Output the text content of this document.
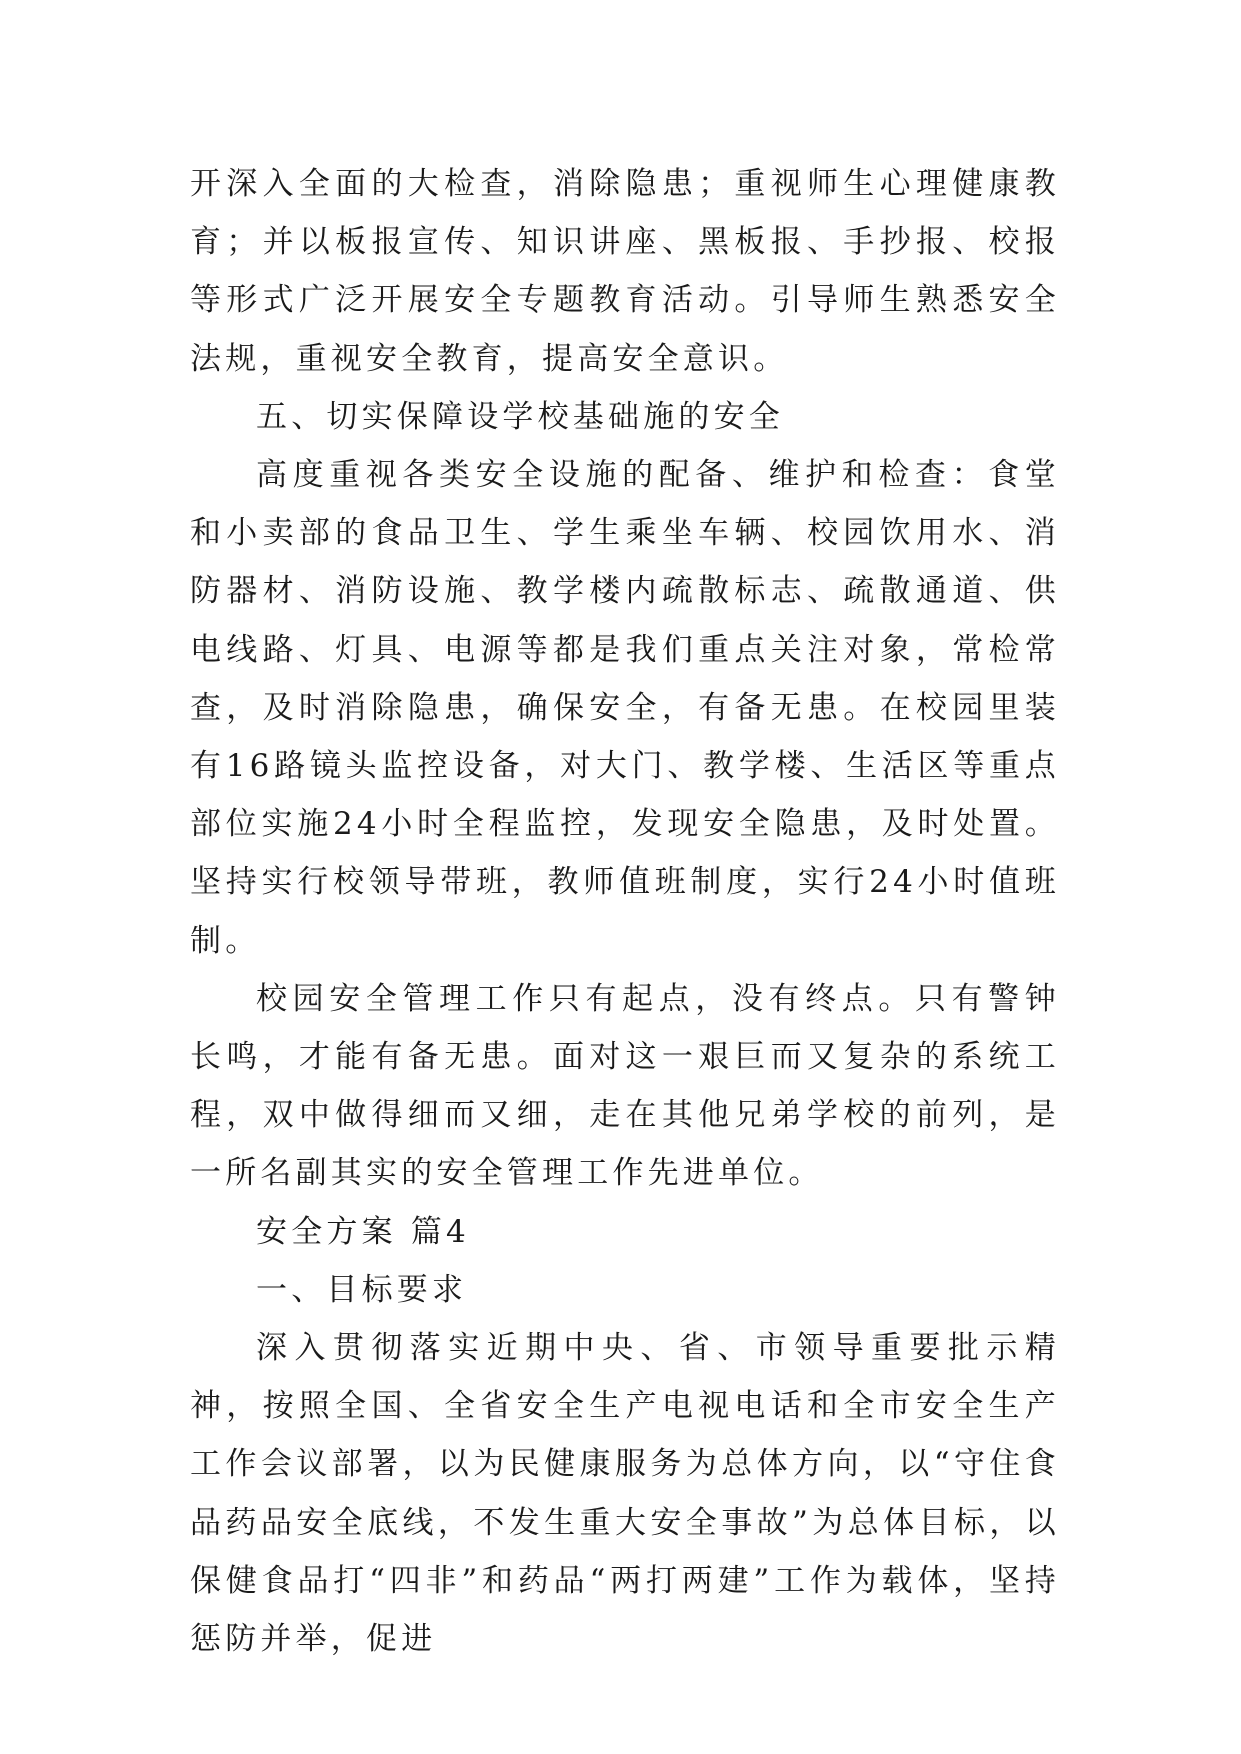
开深入全面的大检查，消除隐患；重视师生心理健康教育；并以板报宣传、知识讲座、黑板报、手抄报、校报等形式广泛开展安全专题教育活动。引导师生熟悉安全法规，重视安全教育，提高安全意识。

五、切实保障设学校基础施的安全

高度重视各类安全设施的配备、维护和检查：食堂和小卖部的食品卫生、学生乘坐车辆、校园饮用水、消防器材、消防设施、教学楼内疏散标志、疏散通道、供电线路、灯具、电源等都是我们重点关注对象，常检常查，及时消除隐患，确保安全，有备无患。在校园里装有16路镜头监控设备，对大门、教学楼、生活区等重点部位实施24小时全程监控，发现安全隐患，及时处置。坚持实行校领导带班，教师值班制度，实行24小时值班制。

校园安全管理工作只有起点，没有终点。只有警钟长鸣，才能有备无患。面对这一艰巨而又复杂的系统工程，双中做得细而又细，走在其他兄弟学校的前列，是一所名副其实的安全管理工作先进单位。

安全方案 篇4

一、目标要求

深入贯彻落实近期中央、省、市领导重要批示精神，按照全国、全省安全生产电视电话和全市安全生产工作会议部署，以为民健康服务为总体方向，以“守住食品药品安全底线，不发生重大安全事故”为总体目标，以保健食品打“四非”和药品“两打两建”工作为载体，坚持惩防并举，促进
